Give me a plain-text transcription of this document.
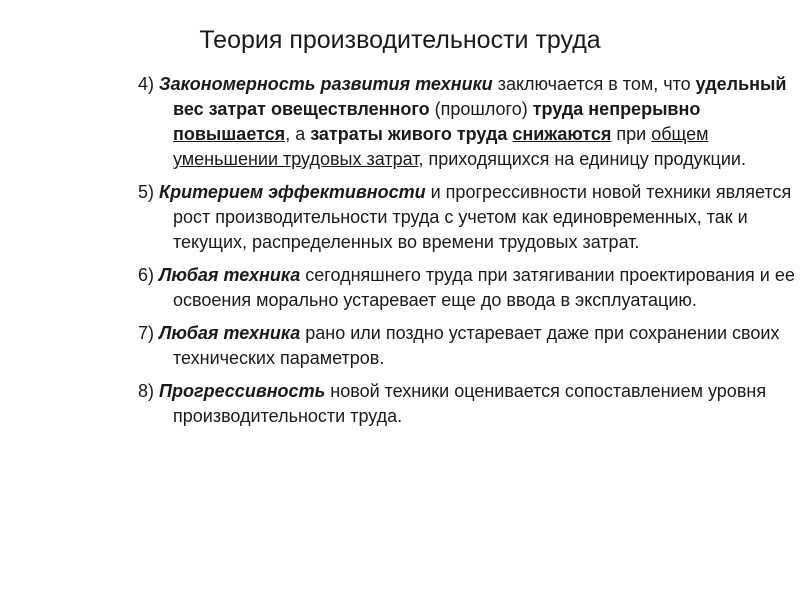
Теория производительности труда
4) Закономерность развития техники заключается в том, что удельный вес затрат овеществленного (прошлого) труда непрерывно повышается, а затраты живого труда снижаются при общем уменьшении трудовых затрат, приходящихся на единицу продукции.
5) Критерием эффективности и прогрессивности новой техники является рост производительности труда с учетом как единовременных, так и текущих, распределенных во времени трудовых затрат.
6) Любая техника сегодняшнего труда при затягивании проектирования и ее освоения морально устаревает еще до ввода в эксплуатацию.
7) Любая техника рано или поздно устаревает даже при сохранении своих технических параметров.
8) Прогрессивность новой техники оценивается сопоставлением уровня производительности труда.
